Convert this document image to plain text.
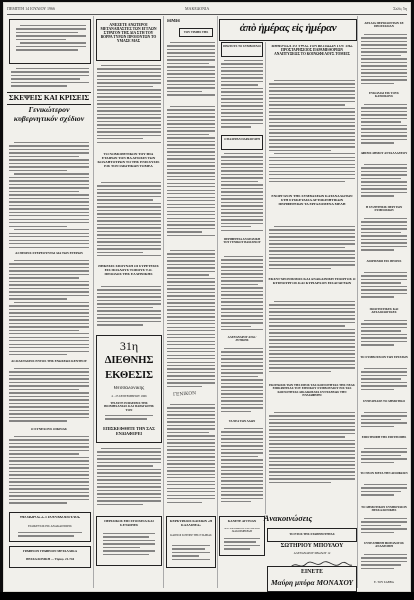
ΠΕΜΠΤΗ 14 ΙΟΥΛΙΟΥ 1966	ΜΑΚΕΔΟΝΙΑ	Σελίς 5η
ΣΚΕΨΕΙΣ ΚΑΙ ΚΡΙΣΕΙΣ
Γενικώτερον κυβερνητικόν σχέδιον
ΑΙ ΘΕΣΕΙΣ ΣΤΕΡΕΟΥΝΤΑΙ ΔΙΑ ΤΩΝ ΕΤΕΡΩΝ
ΑΙ ΔΙΑΣΤΑΣΕΙΣ ΕΝΤΟΣ ΤΗΣ ΕΝΩΣΕΩΣ ΚΕΝΤΡΟΥ
Ο ΣΥΝΕΧΟΥΣ ΟΙΚΕΙΑΣ
ΘΕΟΔΩΡΟΣ Σ. ΓΙΑΝΝΑΚΟΠΟΥΛΟΣ
ΕΙΔΙΚΕΥΣΙΣ ΕΙΣ ΑΝΑΚΑΙΝΙΣΕΙΣ
ΓΡΑΦΕΙΟΝ ΓΡΑΦΕΙΟΝ ΜΕΤΑΛΛΙΚΑ
ΘΕΣΣΑΛΟΝΙΚΗ — Τηλέφ. 21-744
ΑΝΕΞΕΤΕ ΑΝΩΤΕΡΟΙ ΜΕΤΑΝΑΠΑΣΤΕΣ ΤΩΝ ΕΓΓΛΩΝ ΣΤΡΑΤΟΝ ΤΗΣ ΔΙΑ ΣΤΗ ΤΟΥ ΒΟΡΡΑ ΤΥΡΩΝ ΠΡΟΙΟΝΤΩΝ ΤΟ ΥΜΑΣΕ ΜΑΣ
ΤΟ ΝΟΜΟΘΕΤΙΚΟΝ ΤΟΥ ΦΙΑ ΕΤΑΙΡΩΝ ΤΟΝ ΗΑ ΑΥΣΙΣΙΝ ΤΩΝ ΚΟΛΛΗΤΟΤΡΩΝ ΤΟ ΤΗΣ ΕΝΙΣΧΥΣΙΣ ΕΙΣ ΤΟΝ ΙΔΙΩΤΙΚΩΝ ΤΟΜΕΑ
ΘΗΚΕΣΙΣ ΣΠΟΥΝΔΗ ΟΙ ΣΥΡΕΤΕΣΙΣ ΕΙΣ ΠΟΛΛΟΥΣ ΤΟΠΟΥΣ Τ.Ο. ΠΡΟΟΔΟΣ ΤΗΣ ΕΛΛΗΝΙΚΗΣ
31η
ΔΙΕΘΝΗΣ
ΕΚΘΕΣΙΣ
Θεσσαλονίκης
4 - 25 ΣΕΠΤΕΜΒΡΙΟΥ 1966
ΤΗ ΑΥΓΕ ΕΠΙΔΕΙΞΙΣ ΤΗΣ ΒΙΟΜΗΧΑΝΙΑΣ ΚΑΙ ΠΑΡΑΓΩΓΗΣ ΤΟΝ
ΕΠΙΣΚΕΦΘΗΤΕ ΤΗΝ ΣΑΣ ΕΝΔΙΑΦΕΡΕΙ
ΠΕΡΙΔΙΚΟΣ ΕΠΙ ΣΤΟΙΧΕΙΑ ΚΑΙ Σ.ΕΤΑΙΡΙΕΣ
ΗΜΗ
ΤΟΥ ΤΙΜΗΣ ΤΗΣ
ΓΕΝΙΚΟΝ
ΚΕΡΚΥΡΑΙΟΣ ΚΑΙΣΙΩΝ «Η ΚΑΛΛΙΘΕΑ»
ΚΑΠΝΟΙ ΣΟΥΠΕΡ ΤΗΣ ΕΤΑΙΡΙΑΣ
ἀπὸ ἡμέρας εἰς ἡμέραν
ΠΡΩΤΟΥΣ ΤΟ ΣΥΜΒΟΥΛΙΟ
Ο ΒΑΛΕΡΑΝ ΠΑΡΑΛΙΓΑΤΗ
ΠΕΡΙΦΕΡΕΙΑ ΑΝΑΤΟΛΙΚΗ ΤΟΥ ΓΕΝΙΚΟΥ ΒΑΣΙΛΕΙΟΥ
ΑΛΕΞΑΝΔΡΟΥ ΑΝΩ / ΔΥΤΙΚΗΣ
ΤΑ ΝΕΑ ΤΩΝ ΛΑΩΝ
ΚΑΝΕΤΕ ΑΓΓΕΙΑΝ
ΑΝΤΙΠΡΟΣΩΠΟΣ ΣΧΕΔΙΑ ΚΑΙ ΔΙΑΚΟΣΜΗΣΕΩΝ
ΒΑΘΕΡΟΣΑ ΤΟ ΥΨΟΣ ΤΟΝ ΒΕΤΙΩΣΙΝ ΤΟΥ ΤΗΣ ΠΡΟΣΤΑΡΗΣΕΙΟΣ ΠΑΡΑΜΕΘΟΡΙΩΝ ΑΝΑΠΤΥΞΕΩΣ ΤΟ ΚΟΙΝΩΦΕΛΟΥΣ ΤΟΜΕΙΣ
ΕΝΟΡΓΙΖΟΝ ΤΗΣ ΣΥΜΒΑΣΕΩΝ ΚΑΤΑΝΑΛΩΤΩΝ ΣΤΗ ΣΥΣΚΕΥΑΣΙΑ ΑΥΤΟΚΙΝΗΤΙΚΩΝ ΠΕΡΙΦΕΡΕΙΩΝ ΤΑ ΕΡΓΑΖΟΜΕΝΑ ΜΕΛΗ
ΕΚΣΥΓΧΡΟΝΙΣΜΟΣ ΚΑΙ ΑΝΑΚΑΙΝΙΣΗ ΥΠΟΡΓΟΣ Ο ΚΤΙΡΙΟΥΡΓΟΣ ΚΑΙ ΚΥΡΙΑΡΧΟΝ ΕΙΣΑΓΩΓΕΩΝ
ΕΚΠΤΩΣΙΣ ΤΩΝ ΤΗΣ ΠΡΟΣ ΤΑΣ ΚΟΙΝΟΤΗΤΑΣ ΤΗΣ ΝΕΑΣ ΕΠΙΚΡΑΤΕΙΑΣ ΤΟΥ ΕΘΝΙΚΟΥ ΣΥΜΒΟΥΛΙΟΥ ΕΙΣ ΤΑΣ ΚΟΙΝΟΤΗΤΑΣ ΔΙΚΑΙΩΜΑΤΑ ΣΥΝΤΑΞΕΩΣ ΤΗΝ ΕΝΔΙΑΦΕΡΕΙ
Ἀνακοινώσεις
ΤΟ ΕΤΟΣ ΤΗΣ ΣΤΑΘΕΡΟΤΗΤΑΣ
ΣΩΤΗΡΙΟΥ ΜΠΟΥΛΟΥ
ΑΛΕΞΑΝΔΡΟΥ ΣΒΩΛΟΥ 12
ΕΙΝΕΤΕ
Μαύρη μπύρα ΜΟΝΑΧΟΥ
ΑΡΧΑΙΑ ΠΕΡΙΟΔΟΝΤΩΝ ΣΕ ΠΡΟΣΤΑΣΙΑΝ
ΕΥΚΟΛΙΑΙ ΕΙΣ ΤΟΥΣ ΚΑΤΟΙΚΟΥΣ
ΑΦΙΞΙΣ ΔΗΜΟΥ ΑΝΤΑΛΛΑΞΕΟΥ
Η ΣΥΖΗΤΗΣΙΣ ΠΕΡΙ ΤΩΝ ΣΥΜΠΟΣΙΩΝ
ΔΙΟΡΙΣΜΟΙ ΕΙΣ ΘΕΣΕΙΣ
ΠΟΛΙΤΙΣΤΙΚΕΣ ΚΑΙ ΑΡΧΑΙΟΛΟΓΙΚΕΣ
ΤΟ ΣΥΜΒΟΥΛΙΟΝ ΤΩΝ ΕΡΓΑΤΩΝ
ΣΥΝΕΔΡΙΑΣΕ ΤΟ ΔΗΜΟΤΙΚΟ
ΕΠΙΣΤΡΟΦΗ ΤΗΣ ΕΠΙΤΡΟΠΗΣ
ΤΟ ΝΕΟΝ ΜΕΤΑ ΤΗΝ ΑΠΟΦΑΣΙΝ
ΤΟ ΔΗΜΟΤΙΚΟΝ ΣΥΜΒΟΥΛΙΟΝ ΘΕΣΣΑΛΟΝΙΚΗΣ
ΣΥΝΕΛΗΦΘΗ ΦΟΡΟΛΟΓΟΣ ΑΝΑΔΡΟΜΗ
Ε. ΤΟΥ ΣΑΒΒΑ
